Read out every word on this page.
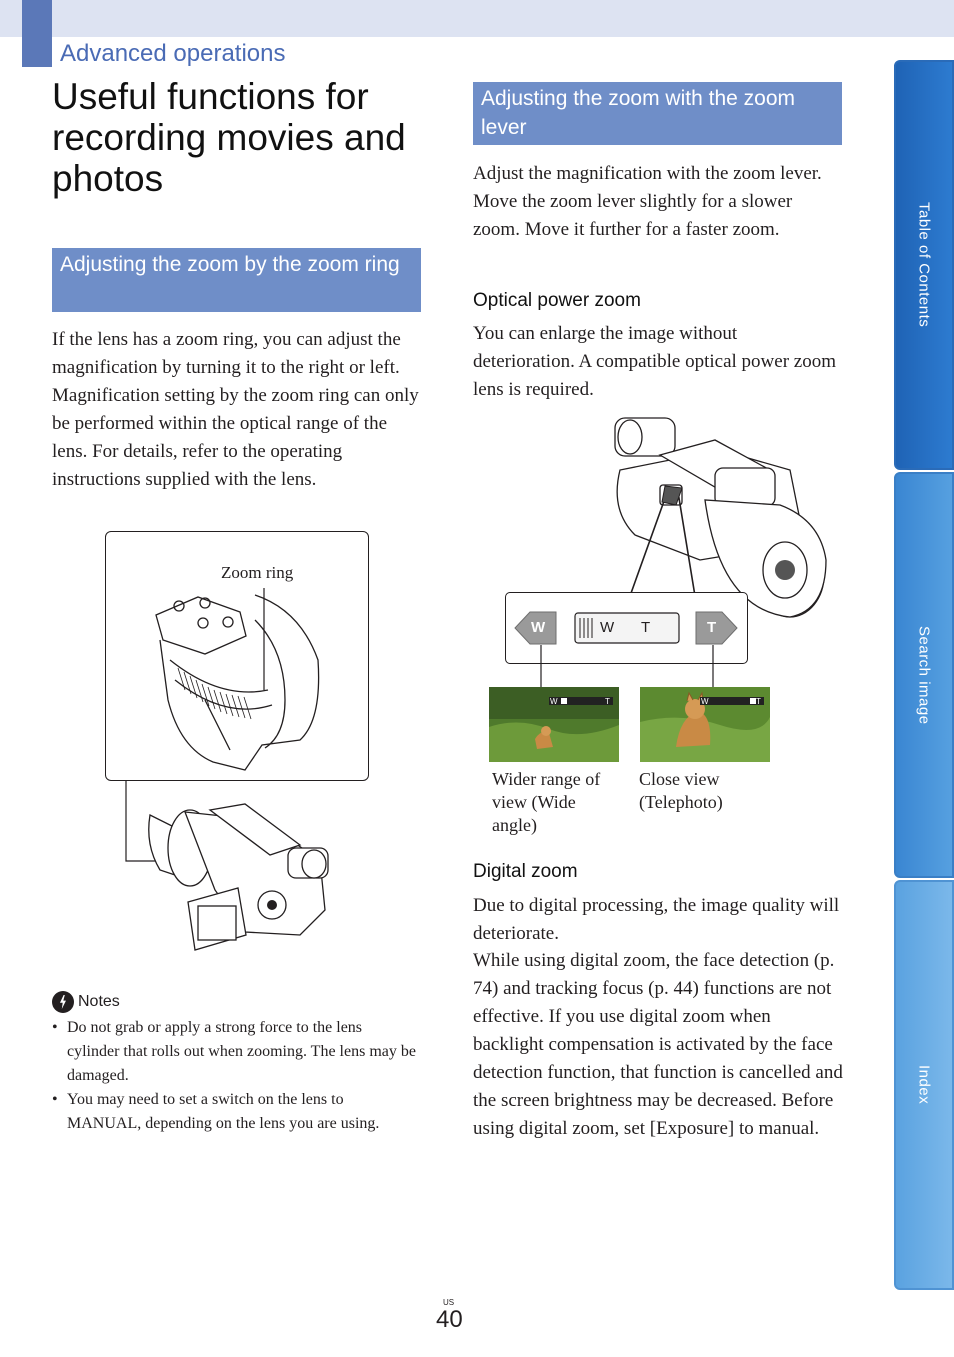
Advanced operations
Useful functions for recording movies and photos
Adjusting the zoom by the zoom ring

If the lens has a zoom ring, you can adjust the magnification by turning it to the right or left. Magnification setting by the zoom ring can only be performed within the optical range of the lens. For details, refer to the operating instructions supplied with the lens.

Zoom ring
Notes
• Do not grab or apply a strong force to the lens cylinder that rolls out when zooming. The lens may be damaged.
• You may need to set a switch on the lens to MANUAL, depending on the lens you are using.
Adjusting the zoom with the zoom lever

Adjust the magnification with the zoom lever. Move the zoom lever slightly for a slower zoom. Move it further for a faster zoom.

Optical power zoom

You can enlarge the image without deterioration. A compatible optical power zoom lens is required.

W	T
W T
W	T	W	T

Wider range of view (Wide angle)

Close view (Telephoto)

Digital zoom

Due to digital processing, the image quality will deteriorate.

While using digital zoom, the face detection (p. 74) and tracking focus (p. 44) functions are not effective. If you use digital zoom when backlight compensation is activated by the face detection function, that function is cancelled and the screen brightness may be decreased. Before using digital zoom, set [Exposure] to manual.

Table of Contents
Search image
Index
US
40
